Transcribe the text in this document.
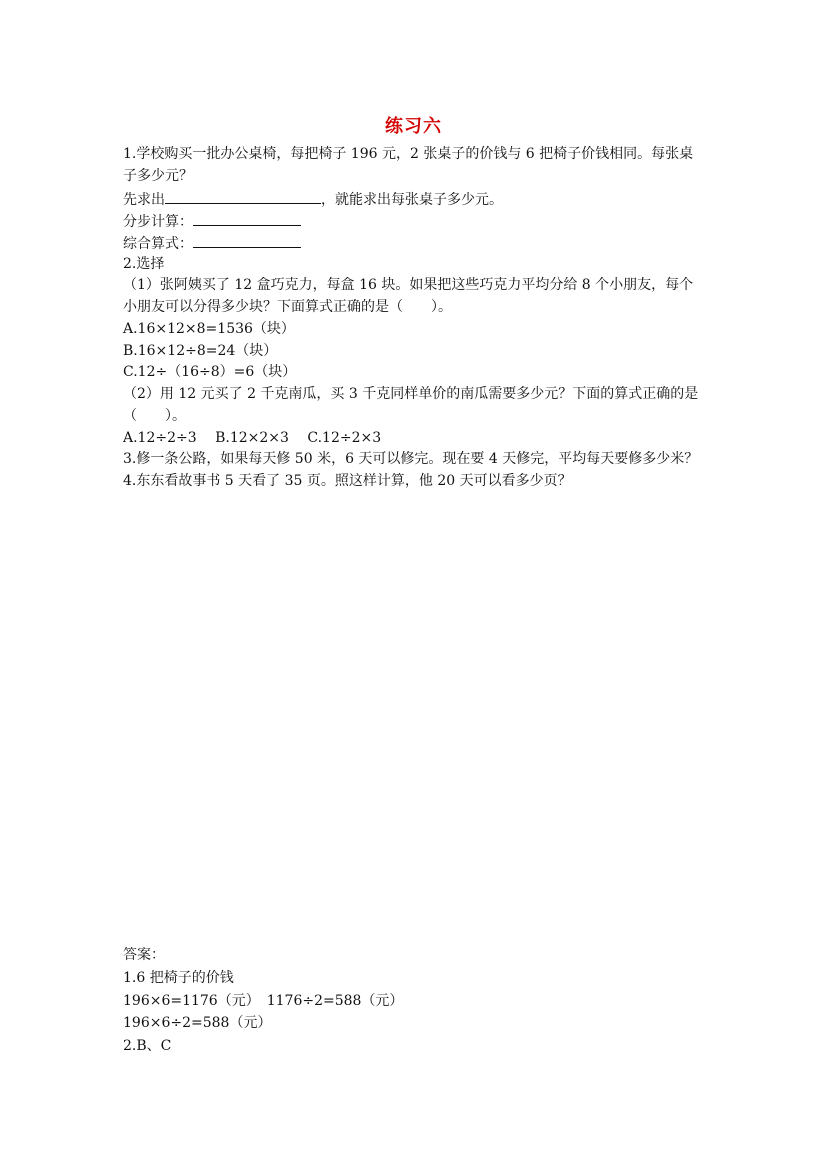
练习六
1.学校购买一批办公桌椅，每把椅子 196 元，2 张桌子的价钱与 6 把椅子价钱相同。每张桌
子多少元？
先求出	，就能求出每张桌子多少元。
分步计算：
综合算式：
2.选择
（1）张阿姨买了 12 盒巧克力，每盒 16 块。如果把这些巧克力平均分给 8 个小朋友，每个
小朋友可以分得多少块？下面算式正确的是（　　）。
A.16×12×8=1536（块）
B.16×12÷8=24（块）
C.12÷（16÷8）=6（块）
（2）用 12 元买了 2 千克南瓜，买 3 千克同样单价的南瓜需要多少元？下面的算式正确的是
（　　）。
A.12÷2÷3　 B.12×2×3　 C.12÷2×3
3.修一条公路，如果每天修 50 米，6 天可以修完。现在要 4 天修完，平均每天要修多少米？
4.东东看故事书 5 天看了 35 页。照这样计算，他 20 天可以看多少页？
答案：
1.6 把椅子的价钱
196×6=1176（元）　1176÷2=588（元）
196×6÷2=588（元）
2.B、C
